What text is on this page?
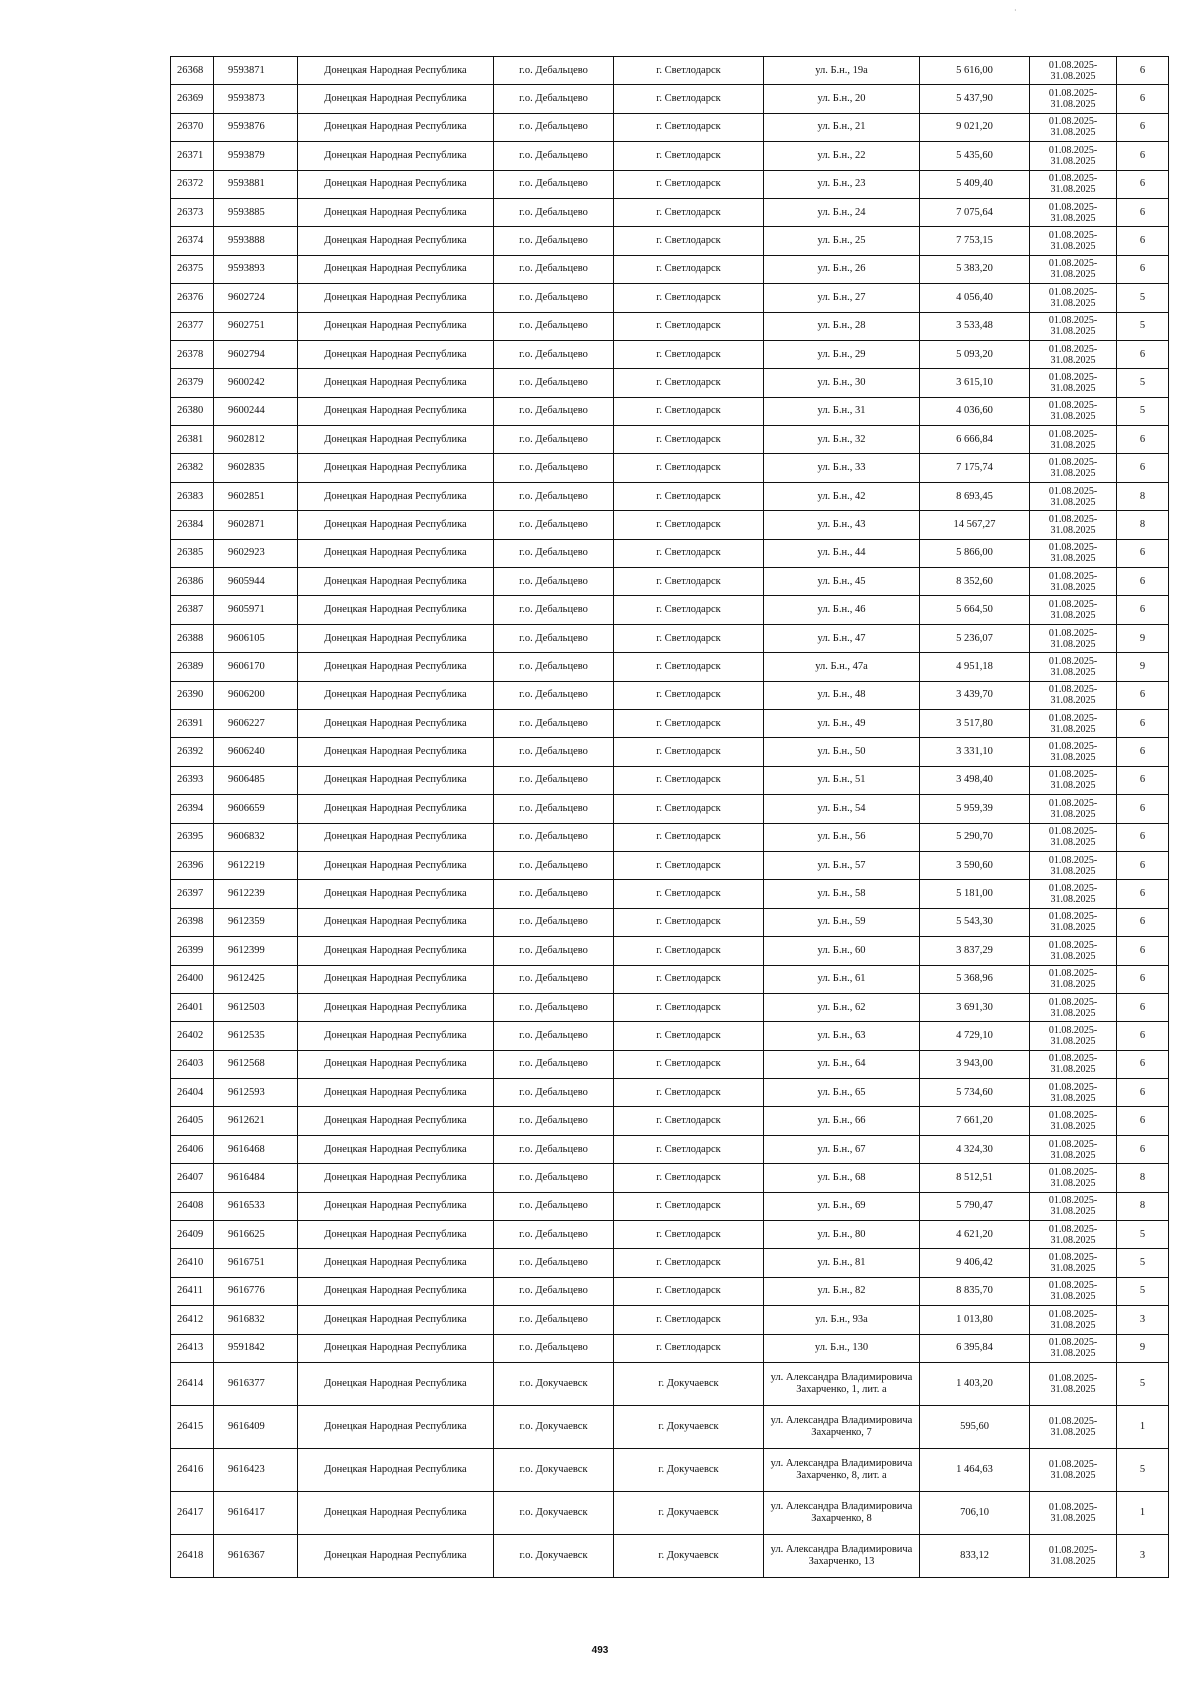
·
26368	9593871	Донецкая Народная Республика	г.о. Дебальцево	г. Светлодарск	ул. Б.н., 19а	5 616,00	01.08.2025-
31.08.2025	6
26369	9593873	Донецкая Народная Республика	г.о. Дебальцево	г. Светлодарск	ул. Б.н., 20	5 437,90	01.08.2025-
31.08.2025	6
26370	9593876	Донецкая Народная Республика	г.о. Дебальцево	г. Светлодарск	ул. Б.н., 21	9 021,20	01.08.2025-
31.08.2025	6
26371	9593879	Донецкая Народная Республика	г.о. Дебальцево	г. Светлодарск	ул. Б.н., 22	5 435,60	01.08.2025-
31.08.2025	6
26372	9593881	Донецкая Народная Республика	г.о. Дебальцево	г. Светлодарск	ул. Б.н., 23	5 409,40	01.08.2025-
31.08.2025	6
26373	9593885	Донецкая Народная Республика	г.о. Дебальцево	г. Светлодарск	ул. Б.н., 24	7 075,64	01.08.2025-
31.08.2025	6
26374	9593888	Донецкая Народная Республика	г.о. Дебальцево	г. Светлодарск	ул. Б.н., 25	7 753,15	01.08.2025-
31.08.2025	6
26375	9593893	Донецкая Народная Республика	г.о. Дебальцево	г. Светлодарск	ул. Б.н., 26	5 383,20	01.08.2025-
31.08.2025	6
26376	9602724	Донецкая Народная Республика	г.о. Дебальцево	г. Светлодарск	ул. Б.н., 27	4 056,40	01.08.2025-
31.08.2025	5
26377	9602751	Донецкая Народная Республика	г.о. Дебальцево	г. Светлодарск	ул. Б.н., 28	3 533,48	01.08.2025-
31.08.2025	5
26378	9602794	Донецкая Народная Республика	г.о. Дебальцево	г. Светлодарск	ул. Б.н., 29	5 093,20	01.08.2025-
31.08.2025	6
26379	9600242	Донецкая Народная Республика	г.о. Дебальцево	г. Светлодарск	ул. Б.н., 30	3 615,10	01.08.2025-
31.08.2025	5
26380	9600244	Донецкая Народная Республика	г.о. Дебальцево	г. Светлодарск	ул. Б.н., 31	4 036,60	01.08.2025-
31.08.2025	5
26381	9602812	Донецкая Народная Республика	г.о. Дебальцево	г. Светлодарск	ул. Б.н., 32	6 666,84	01.08.2025-
31.08.2025	6
26382	9602835	Донецкая Народная Республика	г.о. Дебальцево	г. Светлодарск	ул. Б.н., 33	7 175,74	01.08.2025-
31.08.2025	6
26383	9602851	Донецкая Народная Республика	г.о. Дебальцево	г. Светлодарск	ул. Б.н., 42	8 693,45	01.08.2025-
31.08.2025	8
26384	9602871	Донецкая Народная Республика	г.о. Дебальцево	г. Светлодарск	ул. Б.н., 43	14 567,27	01.08.2025-
31.08.2025	8
26385	9602923	Донецкая Народная Республика	г.о. Дебальцево	г. Светлодарск	ул. Б.н., 44	5 866,00	01.08.2025-
31.08.2025	6
26386	9605944	Донецкая Народная Республика	г.о. Дебальцево	г. Светлодарск	ул. Б.н., 45	8 352,60	01.08.2025-
31.08.2025	6
26387	9605971	Донецкая Народная Республика	г.о. Дебальцево	г. Светлодарск	ул. Б.н., 46	5 664,50	01.08.2025-
31.08.2025	6
26388	9606105	Донецкая Народная Республика	г.о. Дебальцево	г. Светлодарск	ул. Б.н., 47	5 236,07	01.08.2025-
31.08.2025	9
26389	9606170	Донецкая Народная Республика	г.о. Дебальцево	г. Светлодарск	ул. Б.н., 47а	4 951,18	01.08.2025-
31.08.2025	9
26390	9606200	Донецкая Народная Республика	г.о. Дебальцево	г. Светлодарск	ул. Б.н., 48	3 439,70	01.08.2025-
31.08.2025	6
26391	9606227	Донецкая Народная Республика	г.о. Дебальцево	г. Светлодарск	ул. Б.н., 49	3 517,80	01.08.2025-
31.08.2025	6
26392	9606240	Донецкая Народная Республика	г.о. Дебальцево	г. Светлодарск	ул. Б.н., 50	3 331,10	01.08.2025-
31.08.2025	6
26393	9606485	Донецкая Народная Республика	г.о. Дебальцево	г. Светлодарск	ул. Б.н., 51	3 498,40	01.08.2025-
31.08.2025	6
26394	9606659	Донецкая Народная Республика	г.о. Дебальцево	г. Светлодарск	ул. Б.н., 54	5 959,39	01.08.2025-
31.08.2025	6
26395	9606832	Донецкая Народная Республика	г.о. Дебальцево	г. Светлодарск	ул. Б.н., 56	5 290,70	01.08.2025-
31.08.2025	6
26396	9612219	Донецкая Народная Республика	г.о. Дебальцево	г. Светлодарск	ул. Б.н., 57	3 590,60	01.08.2025-
31.08.2025	6
26397	9612239	Донецкая Народная Республика	г.о. Дебальцево	г. Светлодарск	ул. Б.н., 58	5 181,00	01.08.2025-
31.08.2025	6
26398	9612359	Донецкая Народная Республика	г.о. Дебальцево	г. Светлодарск	ул. Б.н., 59	5 543,30	01.08.2025-
31.08.2025	6
26399	9612399	Донецкая Народная Республика	г.о. Дебальцево	г. Светлодарск	ул. Б.н., 60	3 837,29	01.08.2025-
31.08.2025	6
26400	9612425	Донецкая Народная Республика	г.о. Дебальцево	г. Светлодарск	ул. Б.н., 61	5 368,96	01.08.2025-
31.08.2025	6
26401	9612503	Донецкая Народная Республика	г.о. Дебальцево	г. Светлодарск	ул. Б.н., 62	3 691,30	01.08.2025-
31.08.2025	6
26402	9612535	Донецкая Народная Республика	г.о. Дебальцево	г. Светлодарск	ул. Б.н., 63	4 729,10	01.08.2025-
31.08.2025	6
26403	9612568	Донецкая Народная Республика	г.о. Дебальцево	г. Светлодарск	ул. Б.н., 64	3 943,00	01.08.2025-
31.08.2025	6
26404	9612593	Донецкая Народная Республика	г.о. Дебальцево	г. Светлодарск	ул. Б.н., 65	5 734,60	01.08.2025-
31.08.2025	6
26405	9612621	Донецкая Народная Республика	г.о. Дебальцево	г. Светлодарск	ул. Б.н., 66	7 661,20	01.08.2025-
31.08.2025	6
26406	9616468	Донецкая Народная Республика	г.о. Дебальцево	г. Светлодарск	ул. Б.н., 67	4 324,30	01.08.2025-
31.08.2025	6
26407	9616484	Донецкая Народная Республика	г.о. Дебальцево	г. Светлодарск	ул. Б.н., 68	8 512,51	01.08.2025-
31.08.2025	8
26408	9616533	Донецкая Народная Республика	г.о. Дебальцево	г. Светлодарск	ул. Б.н., 69	5 790,47	01.08.2025-
31.08.2025	8
26409	9616625	Донецкая Народная Республика	г.о. Дебальцево	г. Светлодарск	ул. Б.н., 80	4 621,20	01.08.2025-
31.08.2025	5
26410	9616751	Донецкая Народная Республика	г.о. Дебальцево	г. Светлодарск	ул. Б.н., 81	9 406,42	01.08.2025-
31.08.2025	5
26411	9616776	Донецкая Народная Республика	г.о. Дебальцево	г. Светлодарск	ул. Б.н., 82	8 835,70	01.08.2025-
31.08.2025	5
26412	9616832	Донецкая Народная Республика	г.о. Дебальцево	г. Светлодарск	ул. Б.н., 93а	1 013,80	01.08.2025-
31.08.2025	3
26413	9591842	Донецкая Народная Республика	г.о. Дебальцево	г. Светлодарск	ул. Б.н., 130	6 395,84	01.08.2025-
31.08.2025	9
26414	9616377	Донецкая Народная Республика	г.о. Докучаевск	г. Докучаевск	ул. Александра Владимировича Захарченко, 1, лит. а	1 403,20	01.08.2025-
31.08.2025	5
26415	9616409	Донецкая Народная Республика	г.о. Докучаевск	г. Докучаевск	ул. Александра Владимировича Захарченко, 7	595,60	01.08.2025-
31.08.2025	1
26416	9616423	Донецкая Народная Республика	г.о. Докучаевск	г. Докучаевск	ул. Александра Владимировича Захарченко, 8, лит. а	1 464,63	01.08.2025-
31.08.2025	5
26417	9616417	Донецкая Народная Республика	г.о. Докучаевск	г. Докучаевск	ул. Александра Владимировича Захарченко, 8	706,10	01.08.2025-
31.08.2025	1
26418	9616367	Донецкая Народная Республика	г.о. Докучаевск	г. Докучаевск	ул. Александра Владимировича Захарченко, 13	833,12	01.08.2025-
31.08.2025	3
493
